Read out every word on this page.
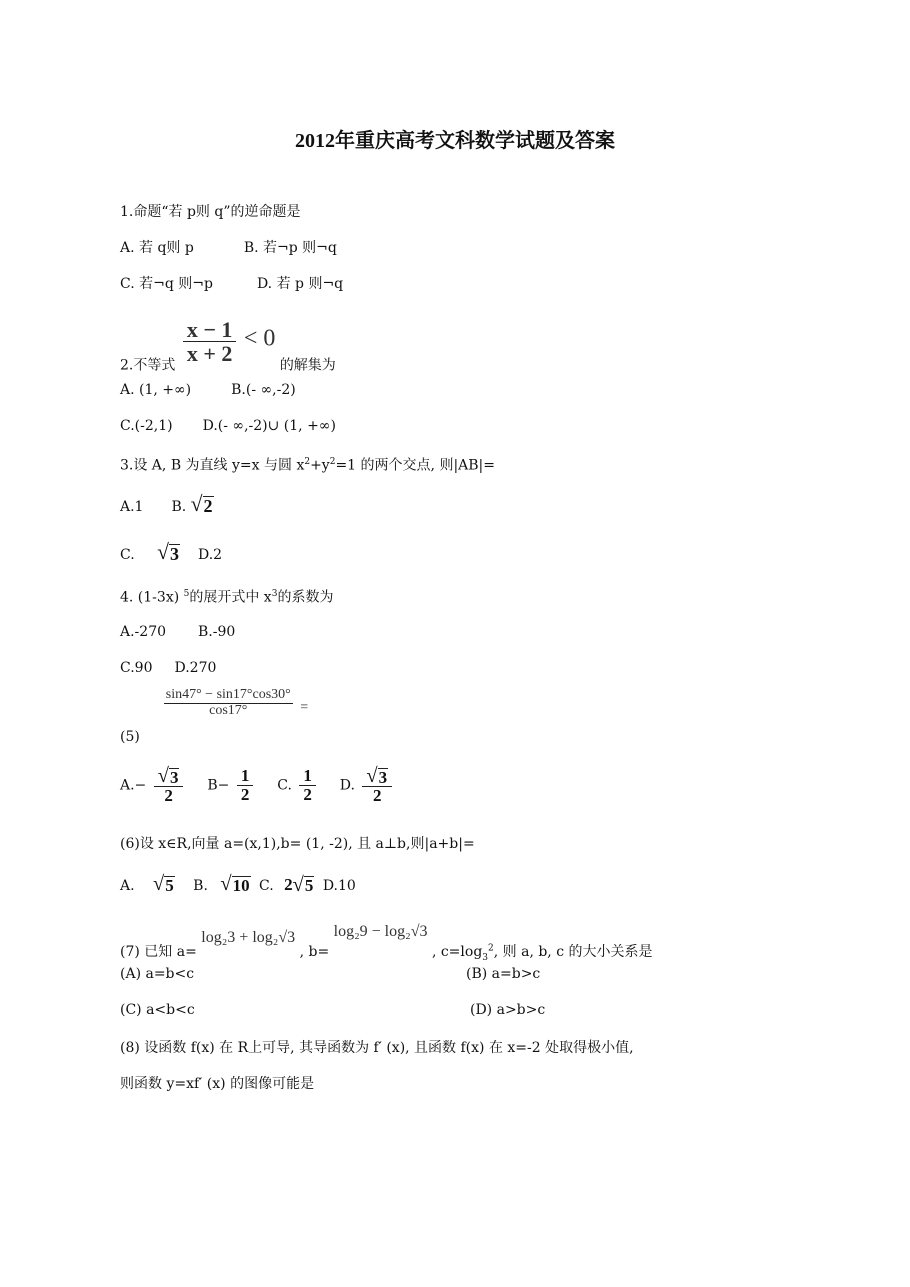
2012年重庆高考文科数学试题及答案
1.命题“若 p则 q”的逆命题是
A. 若 q则 p	B. 若¬p 则¬q
C. 若¬q 则¬p	D. 若 p 则¬q
2.不等式
$\frac{x - 1}{x + 2} < 0$ 的解集为
A. (1, +∞)	B.(- ∞,-2)
C.(-2,1) D.(- ∞,-2)∪ (1, +∞)
3.设 A, B 为直线 y=x 与圆 $x^2+y^2=1$ 的两个交点, 则|AB|=
A.1 B. √ 2
C. √ 3 D.2
4. (1-3x) $^5$的展开式中 $x^3$的系数为
A.-270 B.-90
C.90 D.270
(5)
$\frac{\sin 47^\circ - \sin 17^\circ\cos 30^\circ}{\cos 17^\circ}$ =
$A.- \frac{√ 3}{2} B- \frac{1}{2} C$. $\frac{1}{2} D$. $\frac{√ 3}{2}$
(6)设 x∈R,向量 a=(x,1),b= (1, -2), 且 a⊥b,则|a+b|=
A. √ 5 B. √ 10 C. 2 √ 5 D.10
(7) 已知 a= log₂3 + log₂√3 , b= log₂9 − log₂√3 , $c=\log_3^2$, 则 a, b, c 的大小关系是
(A) a=b<c	(B) a=b>c
(C) a<b<c	(D) a>b>c
(8) 设函数 f(x) 在 R上可导, 其导函数为 f′ (x), 且函数 f(x) 在 x=-2 处取得极小值,
则函数 y=xf′ (x) 的图像可能是
